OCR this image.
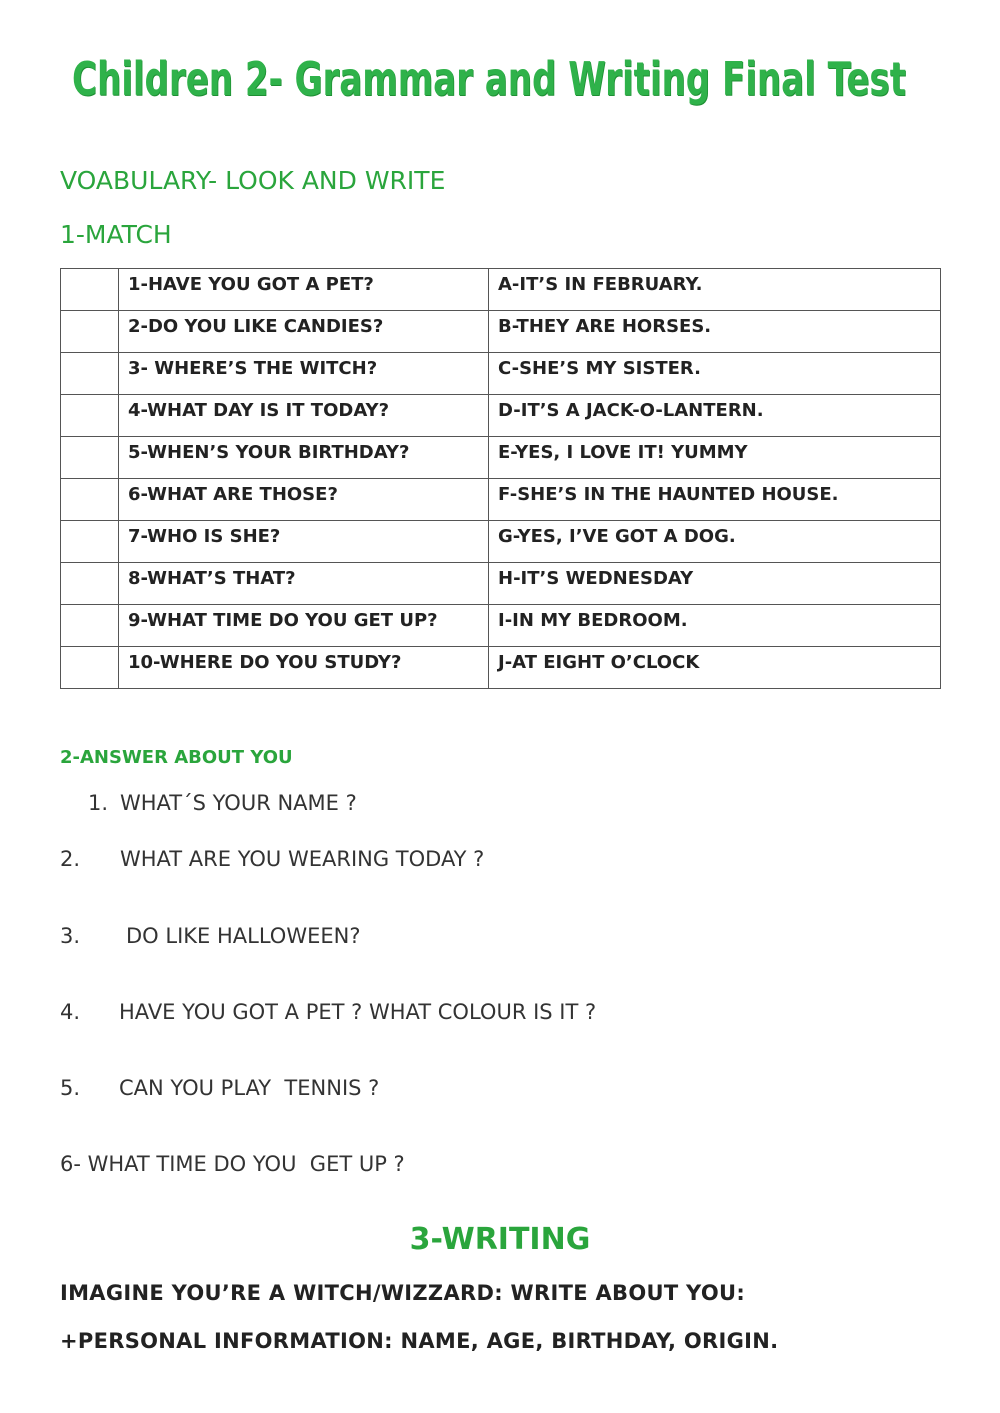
Children 2- Grammar and Writing Final Test
VOABULARY- LOOK AND WRITE
1-MATCH
	1-HAVE YOU GOT A PET?	A-IT’S IN FEBRUARY.
	2-DO YOU LIKE CANDIES?	B-THEY ARE HORSES.
	3- WHERE’S THE WITCH?	C-SHE’S MY SISTER.
	4-WHAT DAY IS IT TODAY?	D-IT’S A JACK-O-LANTERN.
	5-WHEN’S YOUR BIRTHDAY?	E-YES, I LOVE IT! YUMMY
	6-WHAT ARE THOSE?	F-SHE’S IN THE HAUNTED HOUSE.
	7-WHO IS SHE?	G-YES, I’VE GOT A DOG.
	8-WHAT’S THAT?	H-IT’S WEDNESDAY
	9-WHAT TIME DO YOU GET UP?	I-IN MY BEDROOM.
	10-WHERE DO YOU STUDY?	J-AT EIGHT O’CLOCK
2-ANSWER ABOUT YOU
1. WHAT´S YOUR NAME ?
2. WHAT ARE YOU WEARING TODAY ?
3. DO LIKE HALLOWEEN?
4. HAVE YOU GOT A PET ? WHAT COLOUR IS IT ?
5. CAN YOU PLAY  TENNIS ?
6- WHAT TIME DO YOU  GET UP ?
3-WRITING
IMAGINE YOU’RE A WITCH/WIZZARD: WRITE ABOUT YOU:
+PERSONAL INFORMATION: NAME, AGE, BIRTHDAY, ORIGIN.
